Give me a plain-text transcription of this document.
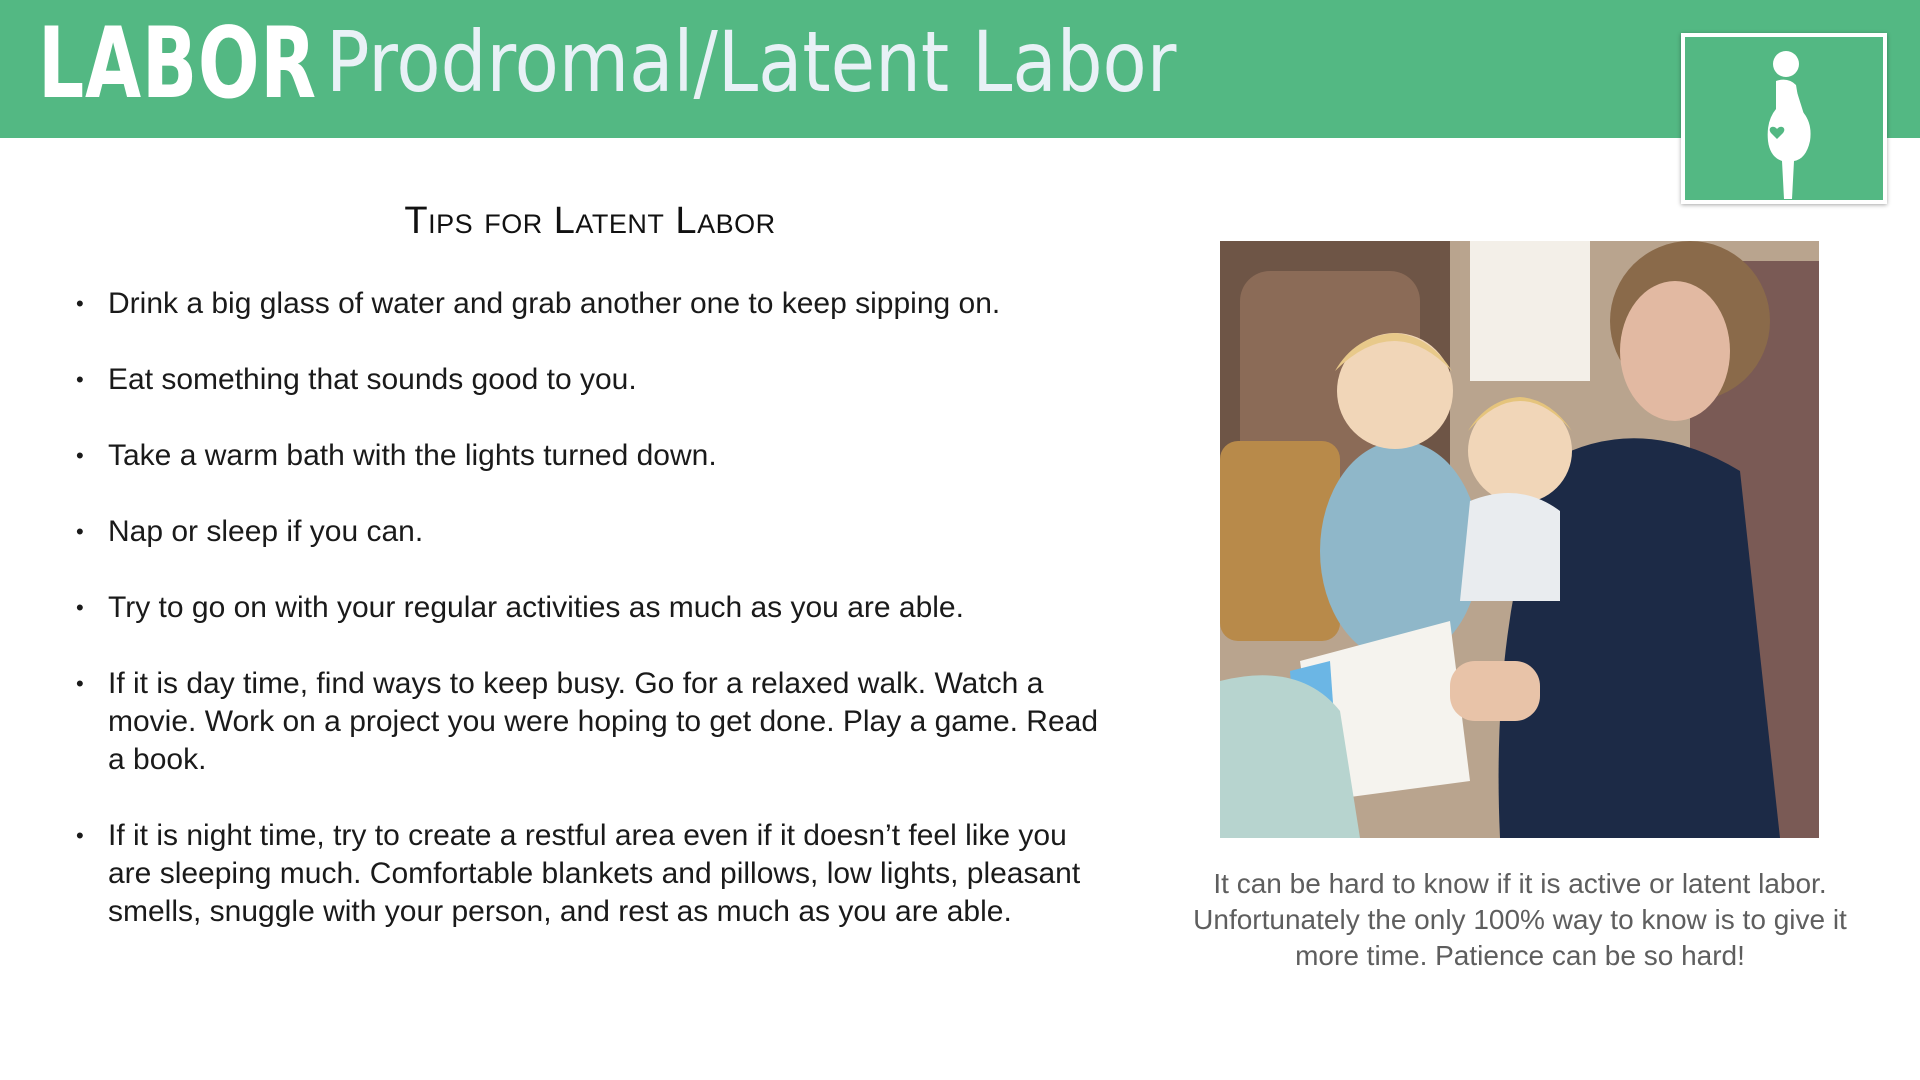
LABOR Prodromal/Latent Labor
Tips for Latent Labor
• Drink a big glass of water and grab another one to keep sipping on.
• Eat something that sounds good to you.
• Take a warm bath with the lights turned down.
• Nap or sleep if you can.
• Try to go on with your regular activities as much as you are able.
• If it is day time, find ways to keep busy. Go for a relaxed walk. Watch a movie. Work on a project you were hoping to get done. Play a game. Read a book.
• If it is night time, try to create a restful area even if it doesn’t feel like you are sleeping much. Comfortable blankets and pillows, low lights, pleasant smells, snuggle with your person, and rest as much as you are able.
It can be hard to know if it is active or latent labor. Unfortunately the only 100% way to know is to give it more time. Patience can be so hard!
